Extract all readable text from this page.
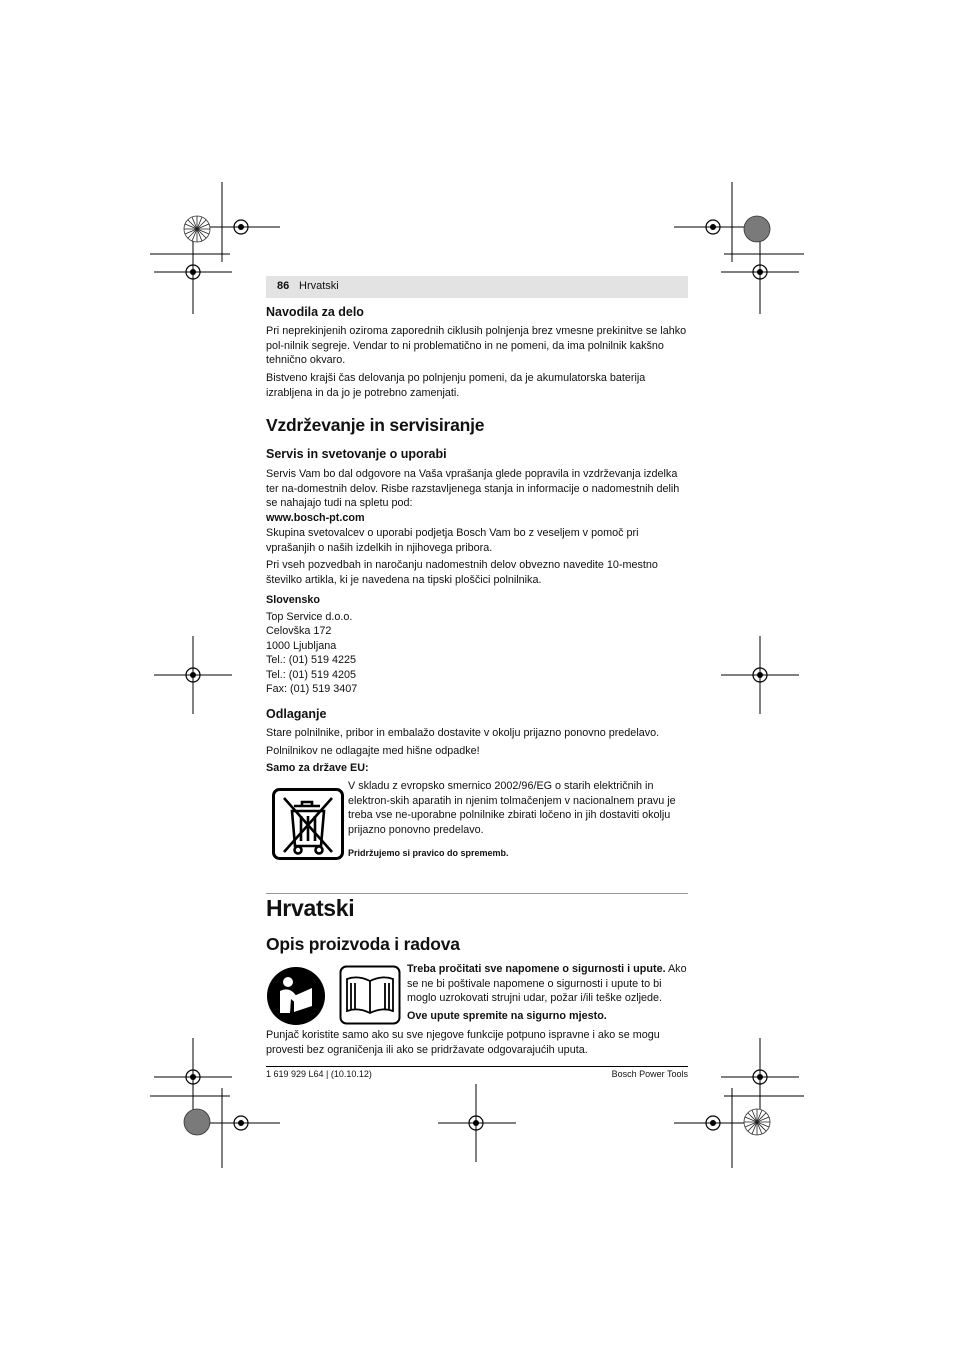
86 Hrvatski
Navodila za delo

Pri neprekinjenih oziroma zaporednih ciklusih polnjenja brez vmesne prekinitve se lahko pol-nilnik segreje. Vendar to ni problematično in ne pomeni, da ima polnilnik kakšno tehnično okvaro.

Bistveno krajši čas delovanja po polnjenju pomeni, da je akumulatorska baterija izrabljena in da jo je potrebno zamenjati.

Vzdrževanje in servisiranje
Servis in svetovanje o uporabi

Servis Vam bo dal odgovore na Vaša vprašanja glede popravila in vzdrževanja izdelka ter na-domestnih delov. Risbe razstavljenega stanja in informacije o nadomestnih delih se nahajajo tudi na spletu pod:

www.bosch-pt.com

Skupina svetovalcev o uporabi podjetja Bosch Vam bo z veseljem v pomoč pri vprašanjih o naših izdelkih in njihovega pribora.

Pri vseh pozvedbah in naročanju nadomestnih delov obvezno navedite 10-mestno številko artikla, ki je navedena na tipski ploščici polnilnika.

Slovensko

Top Service d.o.o.

Celovška 172

1000 Ljubljana

Tel.: (01) 519 4225

Tel.: (01) 519 4205

Fax: (01) 519 3407

Odlaganje

Stare polnilnike, pribor in embalažo dostavite v okolju prijazno ponovno predelavo.

Polnilnikov ne odlagajte med hišne odpadke!

Samo za države EU:

V skladu z evropsko smernico 2002/96/EG o starih električnih in elektron-skih aparatih in njenim tolmačenjem v nacionalnem pravu je treba vse ne-uporabne polnilnike zbirati ločeno in jih dostaviti okolju prijazno ponovno predelavo.

Pridržujemo si pravico do sprememb.

Hrvatski
Opis proizvoda i radova

Treba pročitati sve napomene o sigurnosti i upute. Ako se ne bi poštivale napomene o sigurnosti i upute to bi moglo uzrokovati strujni udar, požar i/ili teške ozljede.

Ove upute spremite na sigurno mjesto.

Punjač koristite samo ako su sve njegove funkcije potpuno ispravne i ako se mogu provesti bez ograničenja ili ako se pridržavate odgovarajućih uputa.

1 619 929 L64 | (10.10.12)	Bosch Power Tools
